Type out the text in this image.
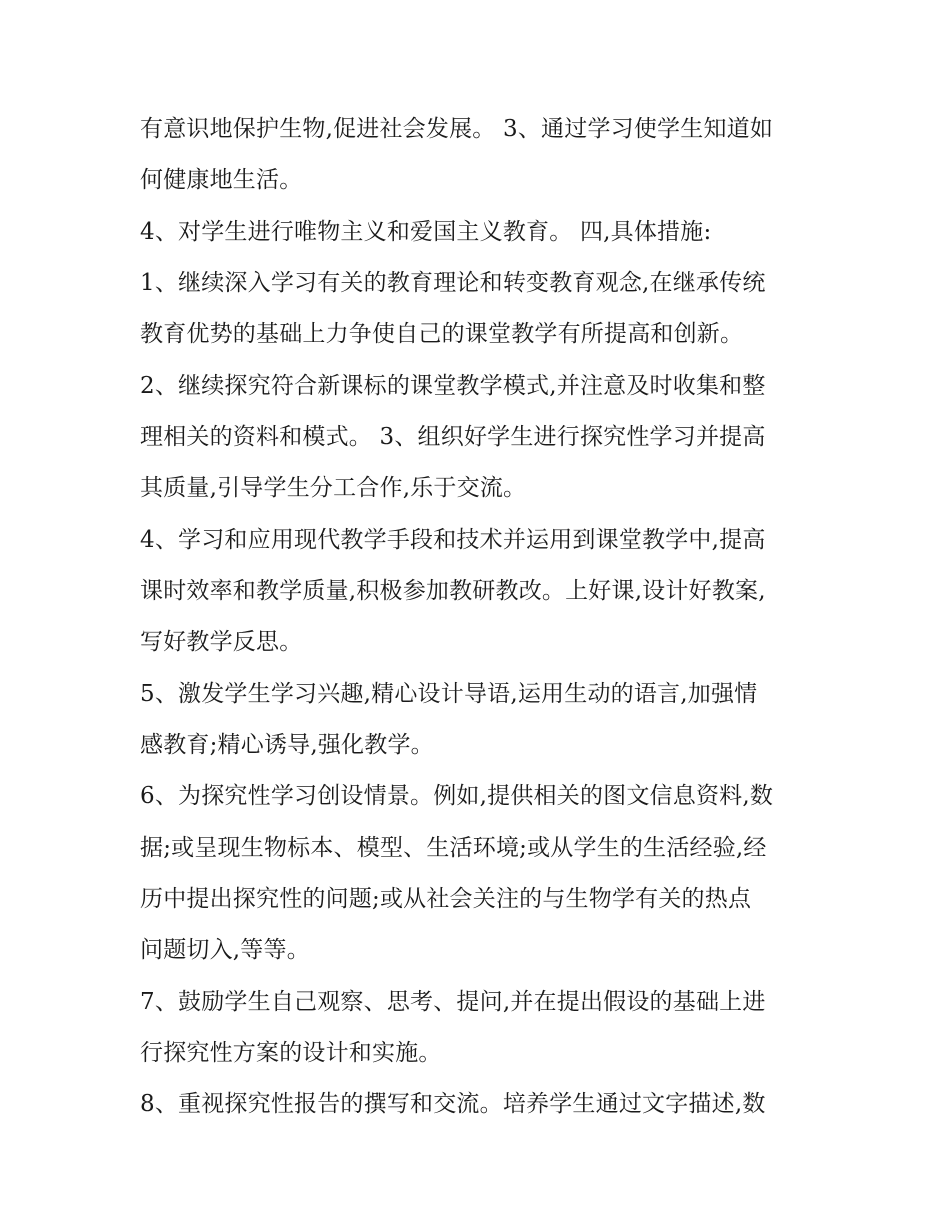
有意识地保护生物,促进社会发展。 3、通过学习使学生知道如
何健康地生活。
4、对学生进行唯物主义和爱国主义教育。 四,具体措施:
1、继续深入学习有关的教育理论和转变教育观念,在继承传统
教育优势的基础上力争使自己的课堂教学有所提高和创新。
2、继续探究符合新课标的课堂教学模式,并注意及时收集和整
理相关的资料和模式。 3、组织好学生进行探究性学习并提高
其质量,引导学生分工合作,乐于交流。
4、学习和应用现代教学手段和技术并运用到课堂教学中,提高
课时效率和教学质量,积极参加教研教改。上好课,设计好教案,
写好教学反思。
5、激发学生学习兴趣,精心设计导语,运用生动的语言,加强情
感教育;精心诱导,强化教学。
6、为探究性学习创设情景。例如,提供相关的图文信息资料,数
据;或呈现生物标本、模型、生活环境;或从学生的生活经验,经
历中提出探究性的问题;或从社会关注的与生物学有关的热点
问题切入,等等。
7、鼓励学生自己观察、思考、提问,并在提出假设的基础上进
行探究性方案的设计和实施。
8、重视探究性报告的撰写和交流。培养学生通过文字描述,数
